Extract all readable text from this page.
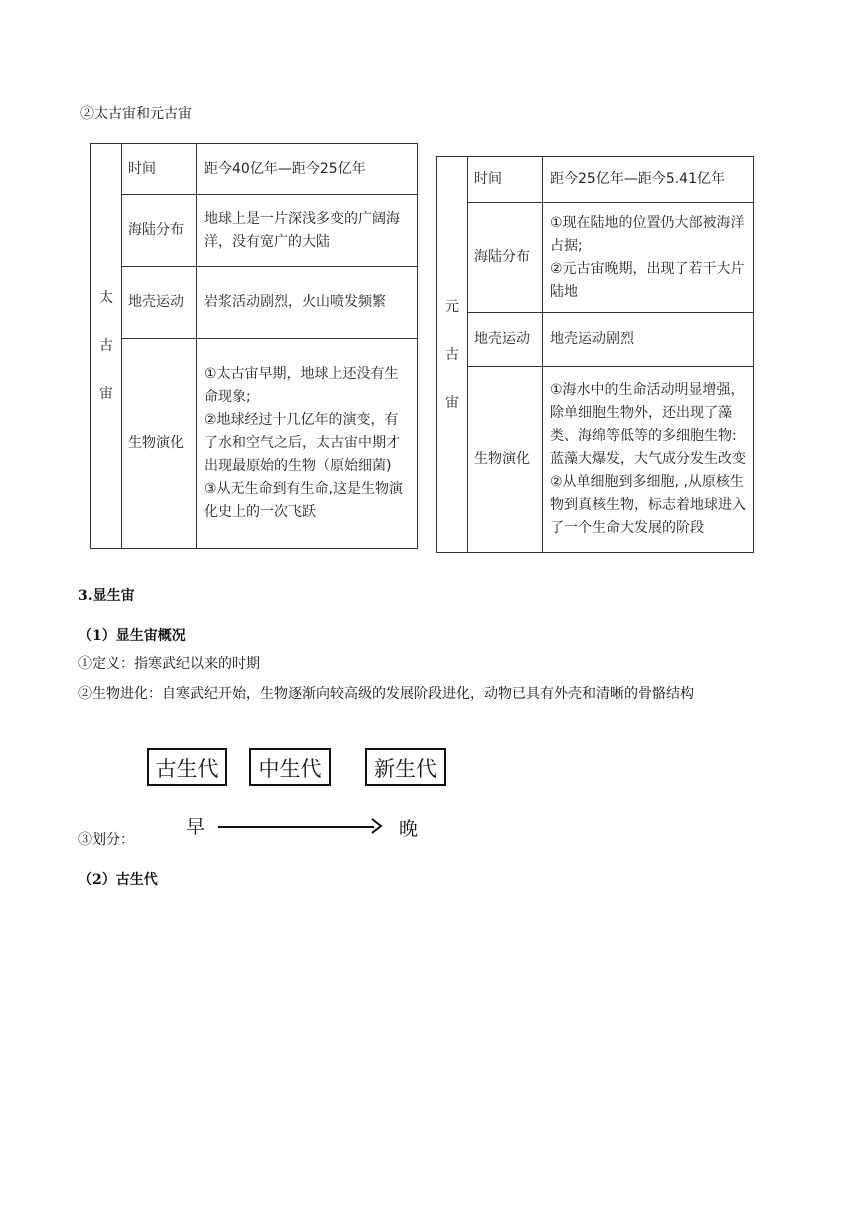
②太古宙和元古宙
太
古
宙	时间	距今40亿年—距今25亿年
	海陆分布	地球上是一片深浅多变的广阔海洋，没有宽广的大陆
	地壳运动	岩浆活动剧烈，火山喷发频繁
	生物演化	①太古宙早期，地球上还没有生命现象;
②地球经过十几亿年的演变，有了水和空气之后，太古宙中期才出现最原始的生物（原始细菌)
③从无生命到有生命,这是生物演化史上的一次飞跃
元
古
宙	时间	距今25亿年—距今5.41亿年
	海陆分布	①现在陆地的位置仍大部被海洋占据;
②元古宙晚期，出现了若干大片陆地

	地壳运动	地壳运动剧烈
	生物演化	①海水中的生命活动明显增强，除单细胞生物外，还出现了藻类、海绵等低等的多细胞生物:蓝藻大爆发，大气成分发生改变
②从单细胞到多细胞, ,从原核生物到真核生物，标志着地球进入了一个生命大发展的阶段
3.显生宙
（1）显生宙概况
①定义：指寒武纪以来的时期
②生物进化：自寒武纪开始，生物逐渐向较高级的发展阶段进化，动物已具有外壳和清晰的骨骼结构
古生代	中生代	新生代
③划分：
早	晚
（2）古生代
